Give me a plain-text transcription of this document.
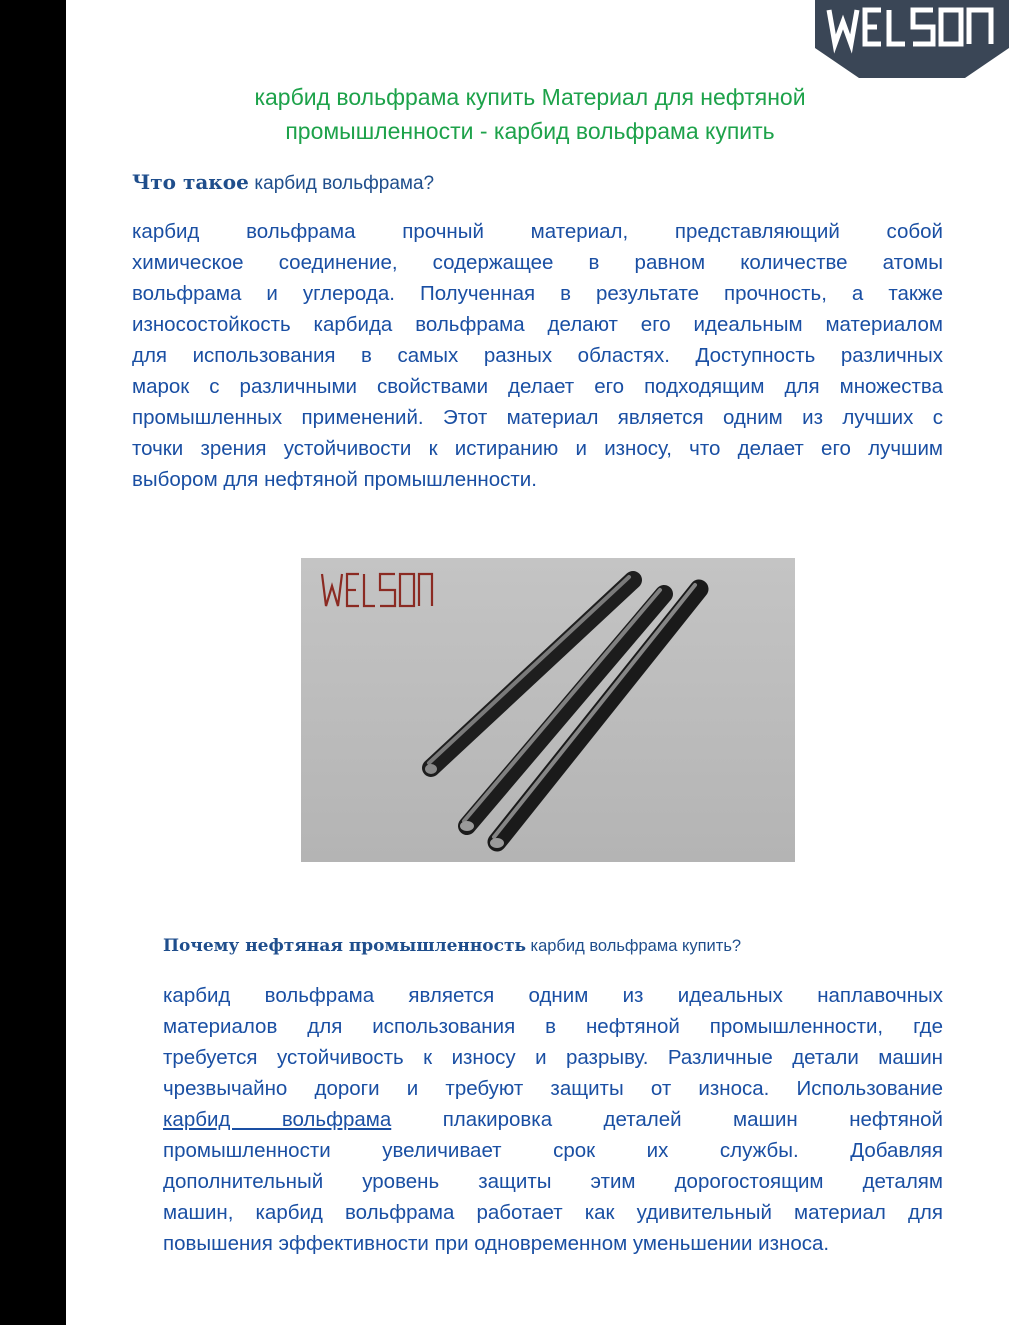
карбид вольфрама купить Материал для нефтяной
промышленности - карбид вольфрама купить
Что такое карбид вольфрама?
карбид вольфрама прочный материал, представляющий собой
химическое соединение, содержащее в равном количестве атомы
вольфрама и углерода. Полученная в результате прочность, а также
износостойкость карбида вольфрама делают его идеальным материалом
для использования в самых разных областях. Доступность различных
марок с различными свойствами делает его подходящим для множества
промышленных применений. Этот материал является одним из лучших с
точки зрения устойчивости к истиранию и износу, что делает его лучшим
выбором для нефтяной промышленности.
Почему нефтяная промышленность карбид вольфрама купить?
карбид вольфрама является одним из идеальных наплавочных
материалов для использования в нефтяной промышленности, где
требуется устойчивость к износу и разрыву. Различные детали машин
чрезвычайно дороги и требуют защиты от износа. Использование
карбид вольфрама	плакировка деталей машин нефтяной
промышленности увеличивает срок их службы. Добавляя
дополнительный уровень защиты этим дорогостоящим деталям
машин, карбид вольфрама работает как удивительный материал для
повышения эффективности при одновременном уменьшении износа.
